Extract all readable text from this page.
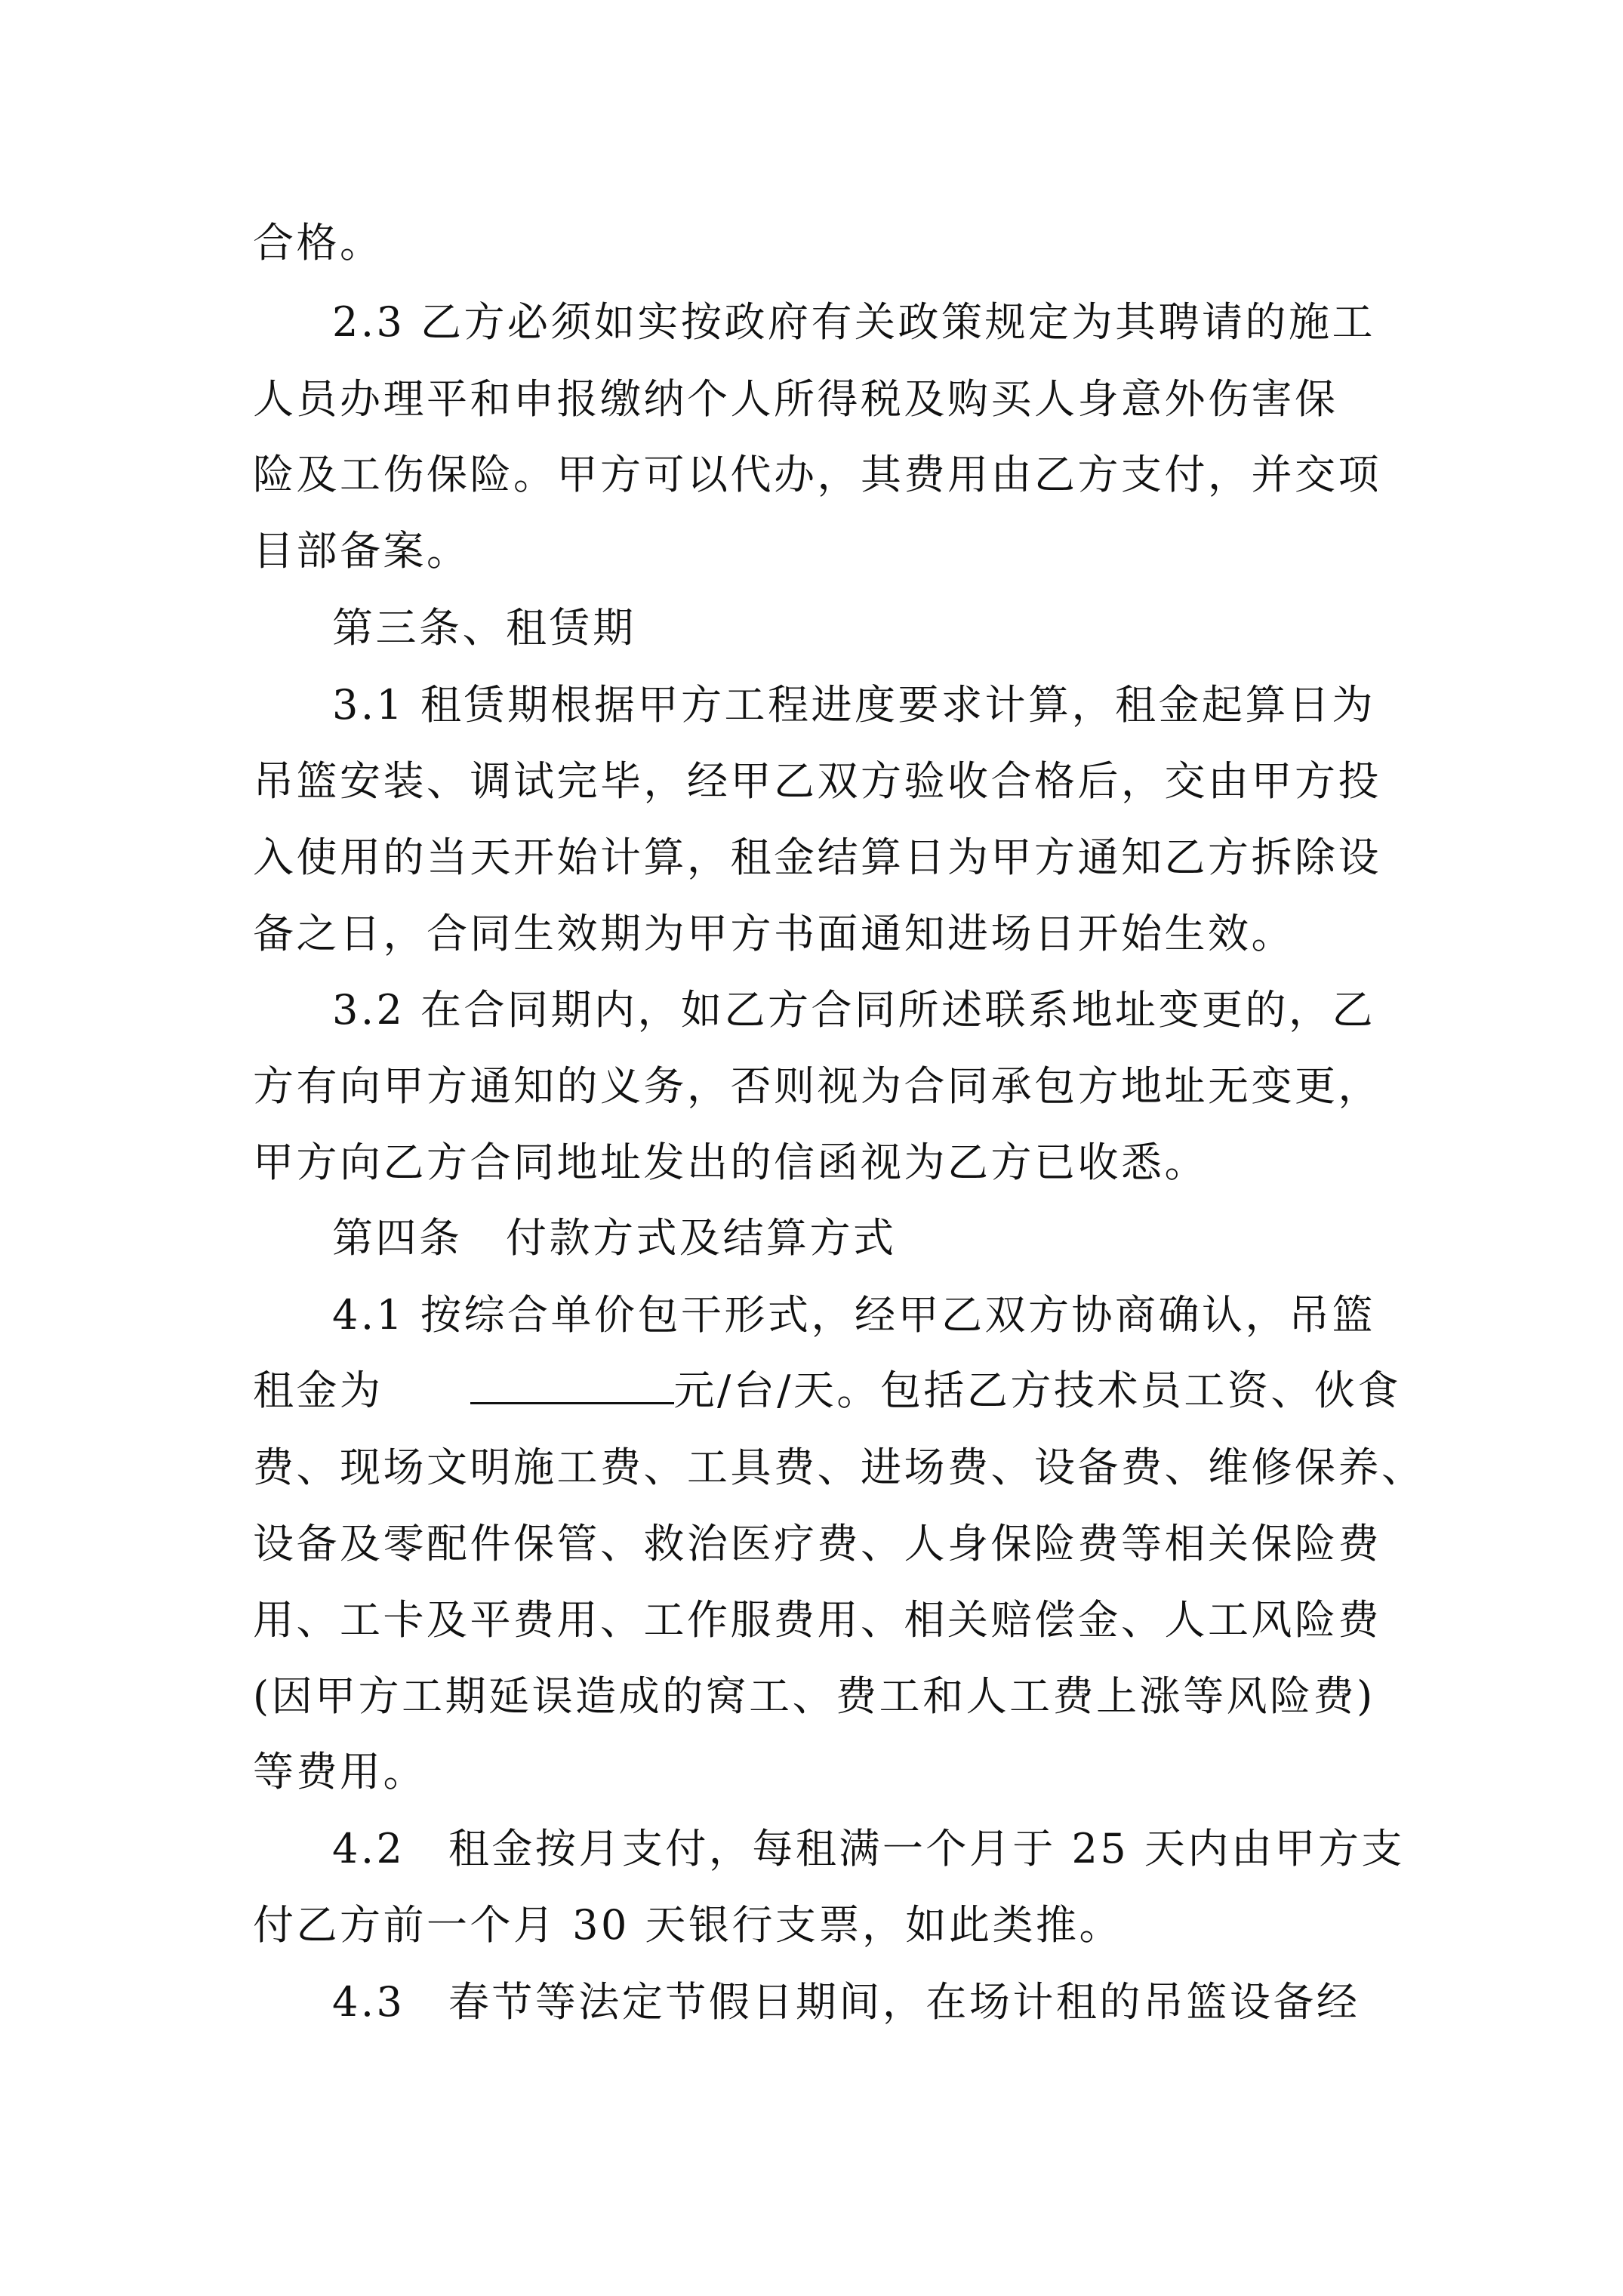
合格。
2.3 乙方必须如实按政府有关政策规定为其聘请的施工
人员办理平和申报缴纳个人所得税及购买人身意外伤害保
险及工伤保险。甲方可以代办，其费用由乙方支付，并交项
目部备案。
第三条、租赁期
3.1 租赁期根据甲方工程进度要求计算，租金起算日为
吊篮安装、调试完毕，经甲乙双方验收合格后，交由甲方投
入使用的当天开始计算，租金结算日为甲方通知乙方拆除设
备之日，合同生效期为甲方书面通知进场日开始生效。
3.2 在合同期内，如乙方合同所述联系地址变更的，乙
方有向甲方通知的义务，否则视为合同承包方地址无变更，
甲方向乙方合同地址发出的信函视为乙方已收悉。
第四条　付款方式及结算方式
4.1 按综合单价包干形式，经甲乙双方协商确认，吊篮
租金为　　	元/台/天。包括乙方技术员工资、伙食
费、现场文明施工费、工具费、进场费、设备费、维修保养、
设备及零配件保管、救治医疗费、人身保险费等相关保险费
用、工卡及平费用、工作服费用、相关赔偿金、人工风险费
(因甲方工期延误造成的窝工、费工和人工费上涨等风险费)
等费用。
4.2　租金按月支付，每租满一个月于 25 天内由甲方支
付乙方前一个月 30 天银行支票，如此类推。
4.3　春节等法定节假日期间，在场计租的吊篮设备经
